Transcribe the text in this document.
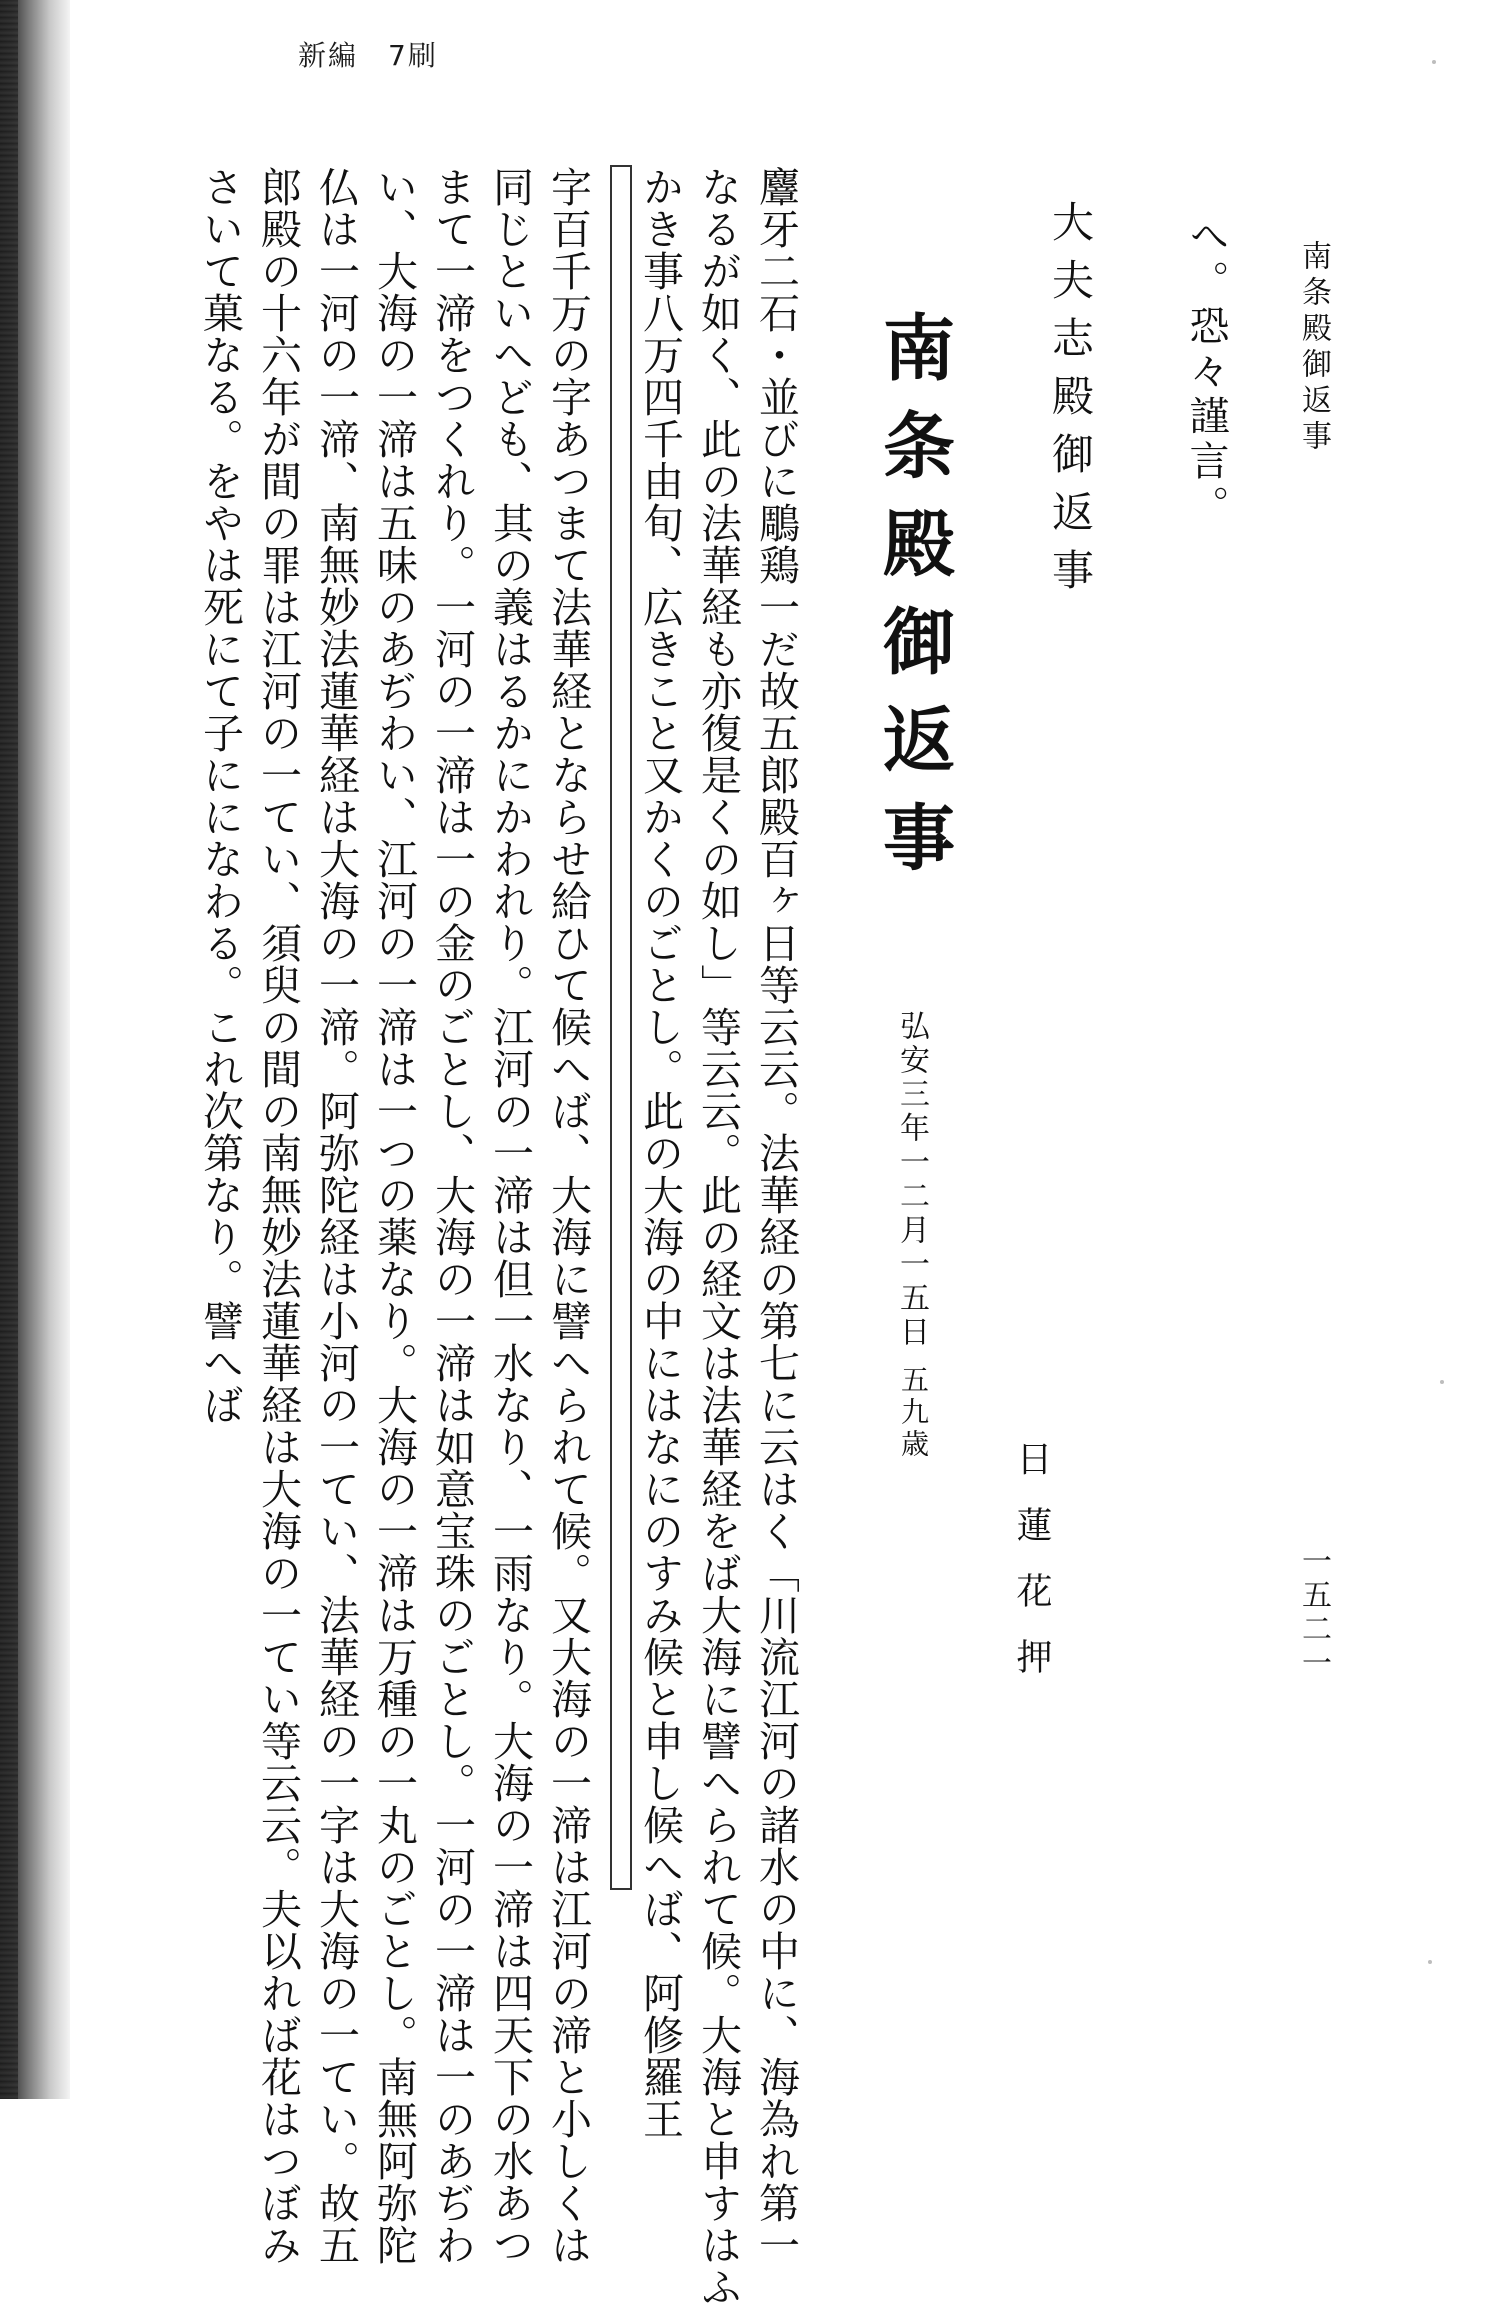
新編　7刷
南条殿御返事
一五二一
へ。恐々謹言。
大夫志殿御返事
日蓮花押
南条殿御返事
弘安三年一二月一五日
五九歳

麞牙二石・並びに鵰鶏一だ故五郎殿百ヶ日等云云。法華経の第七に云はく「川流江河の諸水の中に、海為れ第一

なるが如く、此の法華経も亦復是くの如し」等云云。此の経文は法華経をば大海に譬へられて候。大海と申すはふ

かき事八万四千由旬、広きこと又かくのごとし。此の大海の中にはなにのすみ候と申し候へば、阿修羅王

字百千万の字あつまて法華経とならせ給ひて候へば、大海に譬へられて候。又大海の一渧は江河の渧と小しくは

同じといへども、其の義はるかにかわれり。江河の一渧は但一水なり、一雨なり。大海の一渧は四天下の水あつ

まて一渧をつくれり。一河の一渧は一の金のごとし、大海の一渧は如意宝珠のごとし。一河の一渧は一のあぢわ

い、大海の一渧は五味のあぢわい、江河の一渧は一つの薬なり。大海の一渧は万種の一丸のごとし。南無阿弥陀

仏は一河の一渧、南無妙法蓮華経は大海の一渧。阿弥陀経は小河の一てい、法華経の一字は大海の一てい。故五

郎殿の十六年が間の罪は江河の一てい、須臾の間の南無妙法蓮華経は大海の一てい等云云。夫以れば花はつぼみ

さいて菓なる。をやは死にて子にになわる。これ次第なり。譬へば
